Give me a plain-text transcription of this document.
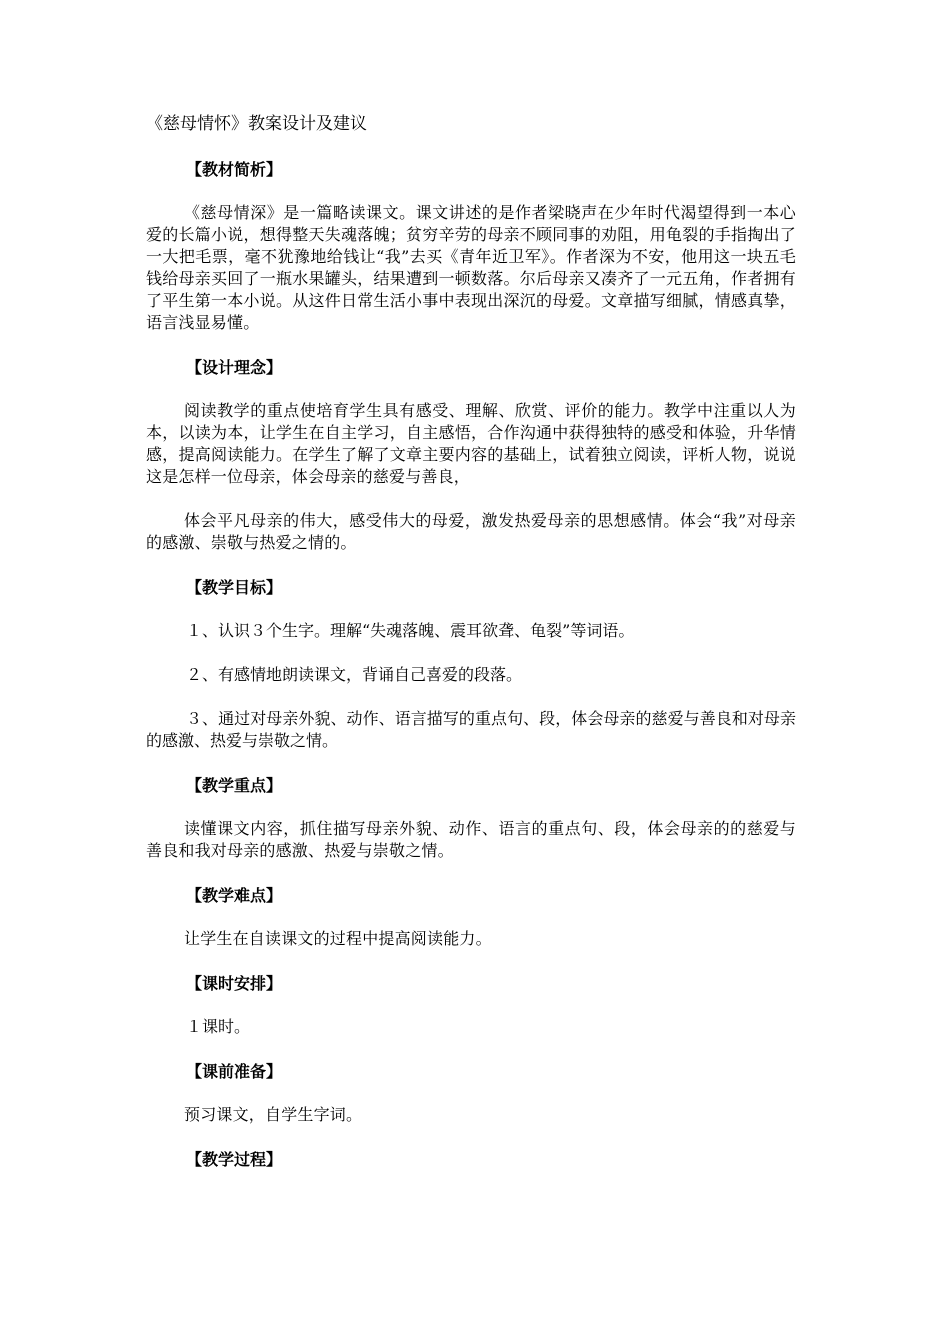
《慈母情怀》教案设计及建议
【教材简析】

《慈母情深》是一篇略读课文。课文讲述的是作者梁晓声在少年时代渴望得到一本心爱的长篇小说，想得整天失魂落魄；贫穷辛劳的母亲不顾同事的劝阻，用龟裂的手指掏出了一大把毛票，毫不犹豫地给钱让“我”去买《青年近卫军》。作者深为不安，他用这一块五毛钱给母亲买回了一瓶水果罐头，结果遭到一顿数落。尔后母亲又凑齐了一元五角，作者拥有了平生第一本小说。从这件日常生活小事中表现出深沉的母爱。文章描写细腻，情感真挚，语言浅显易懂。

【设计理念】

阅读教学的重点使培育学生具有感受、理解、欣赏、评价的能力。教学中注重以人为本，以读为本，让学生在自主学习，自主感悟，合作沟通中获得独特的感受和体验，升华情感，提高阅读能力。在学生了解了文章主要内容的基础上，试着独立阅读，评析人物，说说这是怎样一位母亲，体会母亲的慈爱与善良，

体会平凡母亲的伟大，感受伟大的母爱，激发热爱母亲的思想感情。体会“我”对母亲的感激、崇敬与热爱之情的。

【教学目标】

１、认识３个生字。理解“失魂落魄、震耳欲聋、龟裂”等词语。

２、有感情地朗读课文，背诵自己喜爱的段落。

３、通过对母亲外貌、动作、语言描写的重点句、段，体会母亲的慈爱与善良和对母亲的感激、热爱与崇敬之情。

【教学重点】

读懂课文内容，抓住描写母亲外貌、动作、语言的重点句、段，体会母亲的的慈爱与善良和我对母亲的感激、热爱与崇敬之情。

【教学难点】

让学生在自读课文的过程中提高阅读能力。

【课时安排】

１课时。

【课前准备】

预习课文，自学生字词。

【教学过程】
